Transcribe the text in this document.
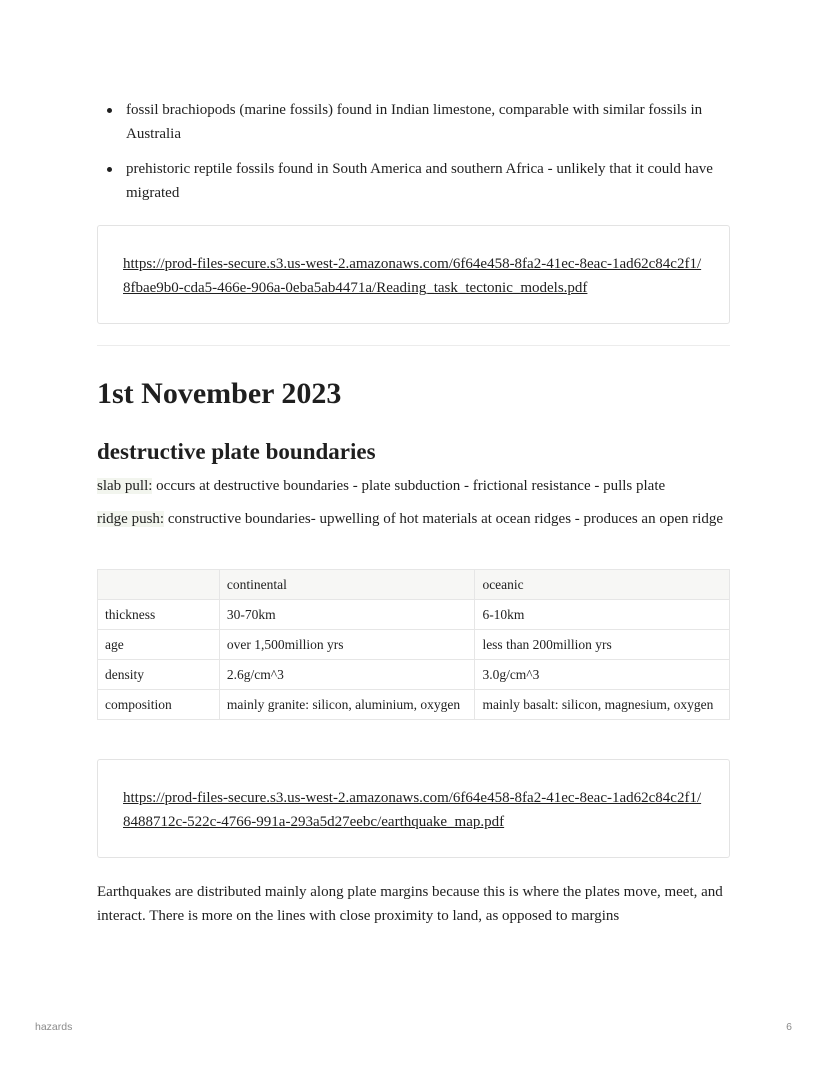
fossil brachiopods (marine fossils) found in Indian limestone, comparable with similar fossils in Australia
prehistoric reptile fossils found in South America and southern Africa - unlikely that it could have migrated
https://prod-files-secure.s3.us-west-2.amazonaws.com/6f64e458-8fa2-41ec-8eac-1ad62c84c2f1/8fbae9b0-cda5-466e-906a-0eba5ab4471a/Reading_task_tectonic_models.pdf
1st November 2023
destructive plate boundaries

slab pull: occurs at destructive boundaries - plate subduction - frictional resistance - pulls plate

ridge push: constructive boundaries- upwelling of hot materials at ocean ridges - produces an open ridge

	continental	oceanic
thickness	30-70km	6-10km
age	over 1,500million yrs	less than 200million yrs
density	2.6g/cm^3	3.0g/cm^3
composition	mainly granite: silicon, aluminium, oxygen	mainly basalt: silicon, magnesium, oxygen
https://prod-files-secure.s3.us-west-2.amazonaws.com/6f64e458-8fa2-41ec-8eac-1ad62c84c2f1/8488712c-522c-4766-991a-293a5d27eebc/earthquake_map.pdf

Earthquakes are distributed mainly along plate margins because this is where the plates move, meet, and interact. There is more on the lines with close proximity to land, as opposed to margins

hazards	6
